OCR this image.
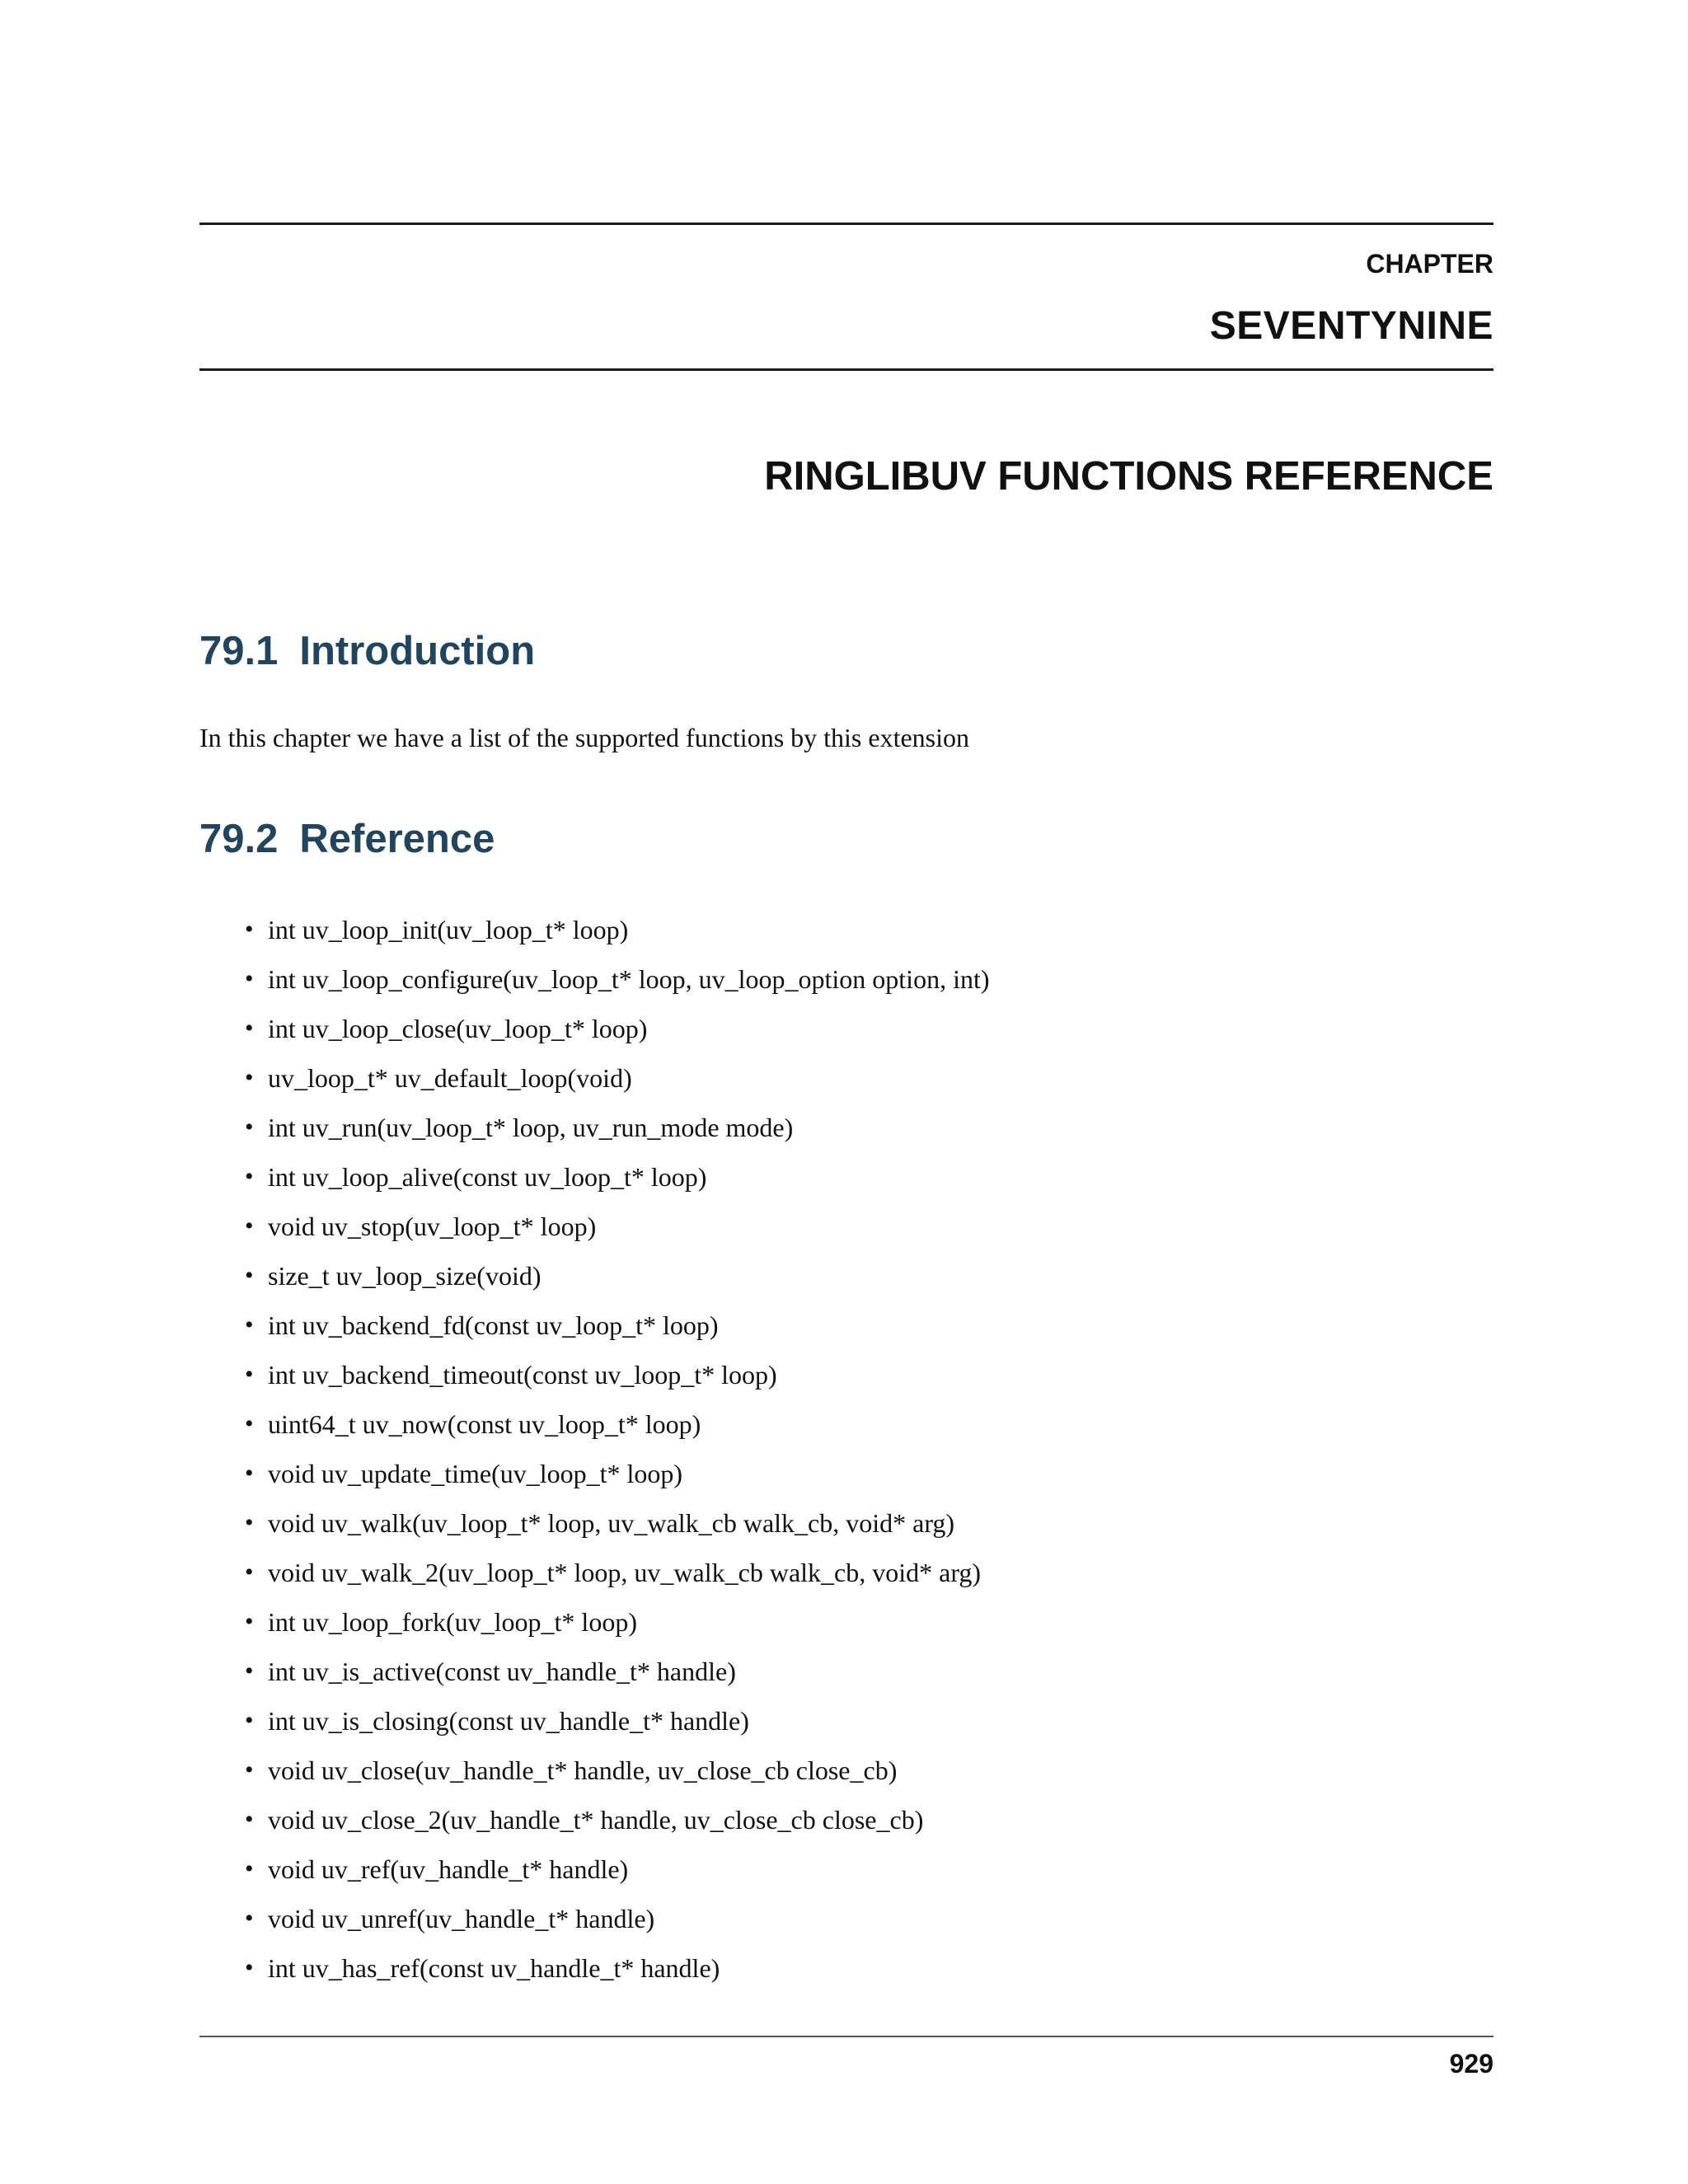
CHAPTER
SEVENTYNINE
RINGLIBUV FUNCTIONS REFERENCE
79.1 Introduction

In this chapter we have a list of the supported functions by this extension

79.2 Reference
• int uv_loop_init(uv_loop_t* loop)
• int uv_loop_configure(uv_loop_t* loop, uv_loop_option option, int)
• int uv_loop_close(uv_loop_t* loop)
• uv_loop_t* uv_default_loop(void)
• int uv_run(uv_loop_t* loop, uv_run_mode mode)
• int uv_loop_alive(const uv_loop_t* loop)
• void uv_stop(uv_loop_t* loop)
• size_t uv_loop_size(void)
• int uv_backend_fd(const uv_loop_t* loop)
• int uv_backend_timeout(const uv_loop_t* loop)
• uint64_t uv_now(const uv_loop_t* loop)
• void uv_update_time(uv_loop_t* loop)
• void uv_walk(uv_loop_t* loop, uv_walk_cb walk_cb, void* arg)
• void uv_walk_2(uv_loop_t* loop, uv_walk_cb walk_cb, void* arg)
• int uv_loop_fork(uv_loop_t* loop)
• int uv_is_active(const uv_handle_t* handle)
• int uv_is_closing(const uv_handle_t* handle)
• void uv_close(uv_handle_t* handle, uv_close_cb close_cb)
• void uv_close_2(uv_handle_t* handle, uv_close_cb close_cb)
• void uv_ref(uv_handle_t* handle)
• void uv_unref(uv_handle_t* handle)
• int uv_has_ref(const uv_handle_t* handle)
929
